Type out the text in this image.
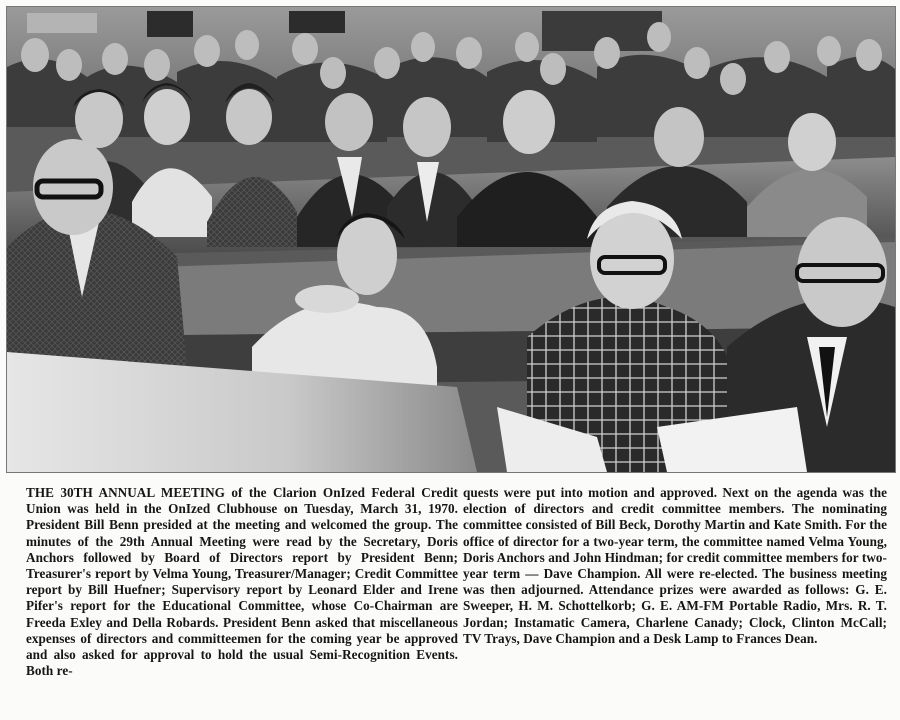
THE 30TH ANNUAL MEETING of the Clarion OnIzed Federal Credit Union was held in the OnIzed Clubhouse on Tuesday, March 31, 1970. President Bill Benn presided at the meeting and welcomed the group. The minutes of the 29th Annual Meeting were read by the Secretary, Doris Anchors followed by Board of Directors report by President Benn; Treasurer's report by Velma Young, Treasurer/Manager; Credit Committee report by Bill Huefner; Supervisory report by Leonard Elder and Irene Pifer's report for the Educational Committee, whose Co-Chairman are Freeda Exley and Della Robards. President Benn asked that miscellaneous expenses of directors and committeemen for the coming year be approved and also asked for approval to hold the usual Semi-Recognition Events. Both re-
quests were put into motion and approved. Next on the agenda was the election of directors and credit committee members. The nominating committee consisted of Bill Beck, Dorothy Martin and Kate Smith. For the office of director for a two-year term, the committee named Velma Young, Doris Anchors and John Hindman; for credit committee members for two-year term — Dave Champion. All were re-elected. The business meeting was then adjourned. Attendance prizes were awarded as follows: G. E. Sweeper, H. M. Schottelkorb; G. E. AM-FM Portable Radio, Mrs. R. T. Jordan; Instamatic Camera, Charlene Canady; Clock, Clinton McCall; TV Trays, Dave Champion and a Desk Lamp to Frances Dean.
